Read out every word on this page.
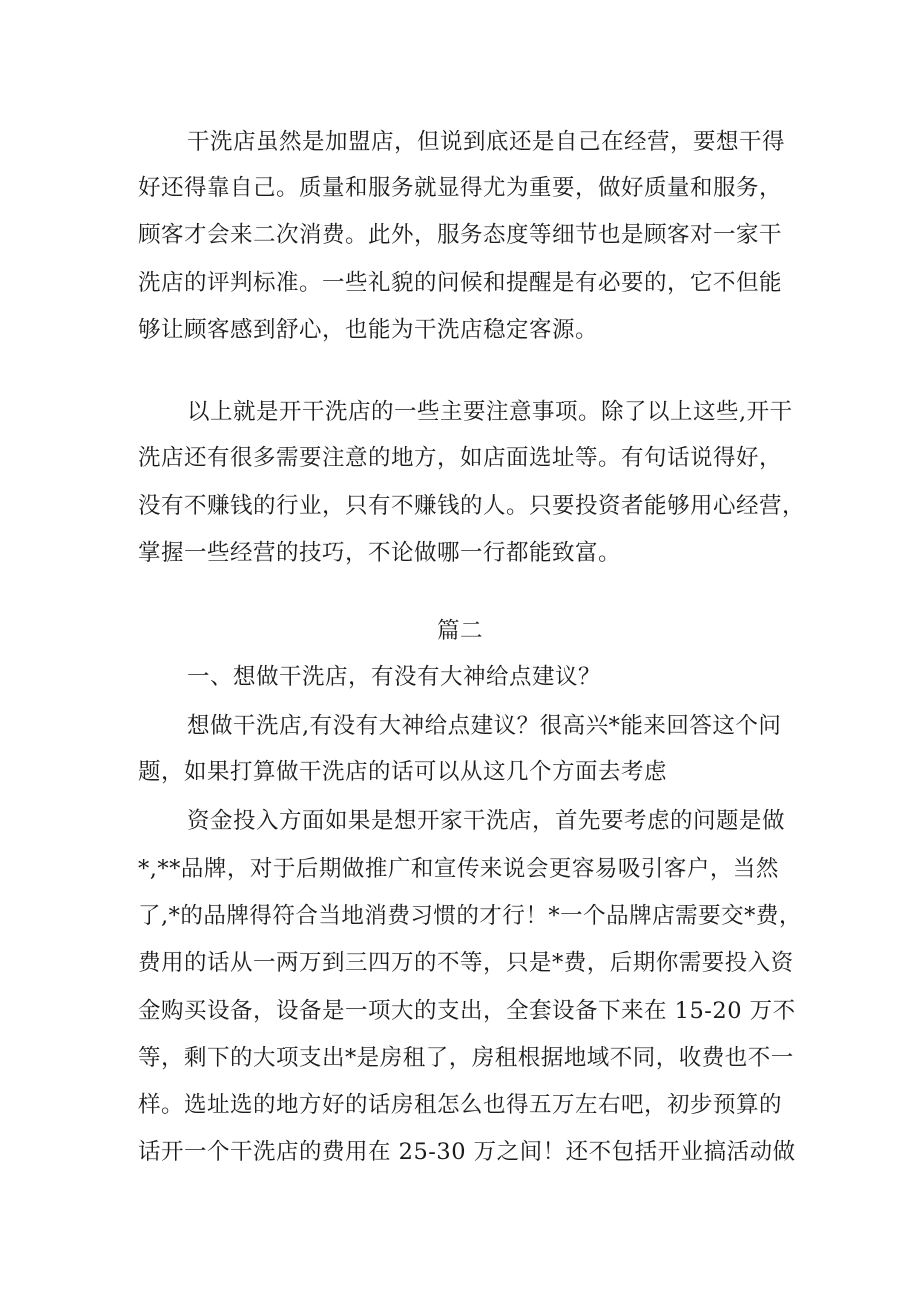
干洗店虽然是加盟店，但说到底还是自己在经营，要想干得
好还得靠自己。质量和服务就显得尤为重要，做好质量和服务，
顾客才会来二次消费。此外，服务态度等细节也是顾客对一家干
洗店的评判标准。一些礼貌的问候和提醒是有必要的，它不但能
够让顾客感到舒心，也能为干洗店稳定客源。
以上就是开干洗店的一些主要注意事项。除了以上这些,开干
洗店还有很多需要注意的地方，如店面选址等。有句话说得好，
没有不赚钱的行业，只有不赚钱的人。只要投资者能够用心经营，
掌握一些经营的技巧，不论做哪一行都能致富。
篇二
一、想做干洗店，有没有大神给点建议？
想做干洗店,有没有大神给点建议？很高兴*能来回答这个问
题，如果打算做干洗店的话可以从这几个方面去考虑
资金投入方面如果是想开家干洗店，首先要考虑的问题是做
*,**品牌，对于后期做推广和宣传来说会更容易吸引客户，当然
了,*的品牌得符合当地消费习惯的才行！*一个品牌店需要交*费，
费用的话从一两万到三四万的不等，只是*费，后期你需要投入资
金购买设备，设备是一项大的支出，全套设备下来在 15-20 万不
等，剩下的大项支出*是房租了，房租根据地域不同，收费也不一
样。选址选的地方好的话房租怎么也得五万左右吧，初步预算的
话开一个干洗店的费用在 25-30 万之间！还不包括开业搞活动做
